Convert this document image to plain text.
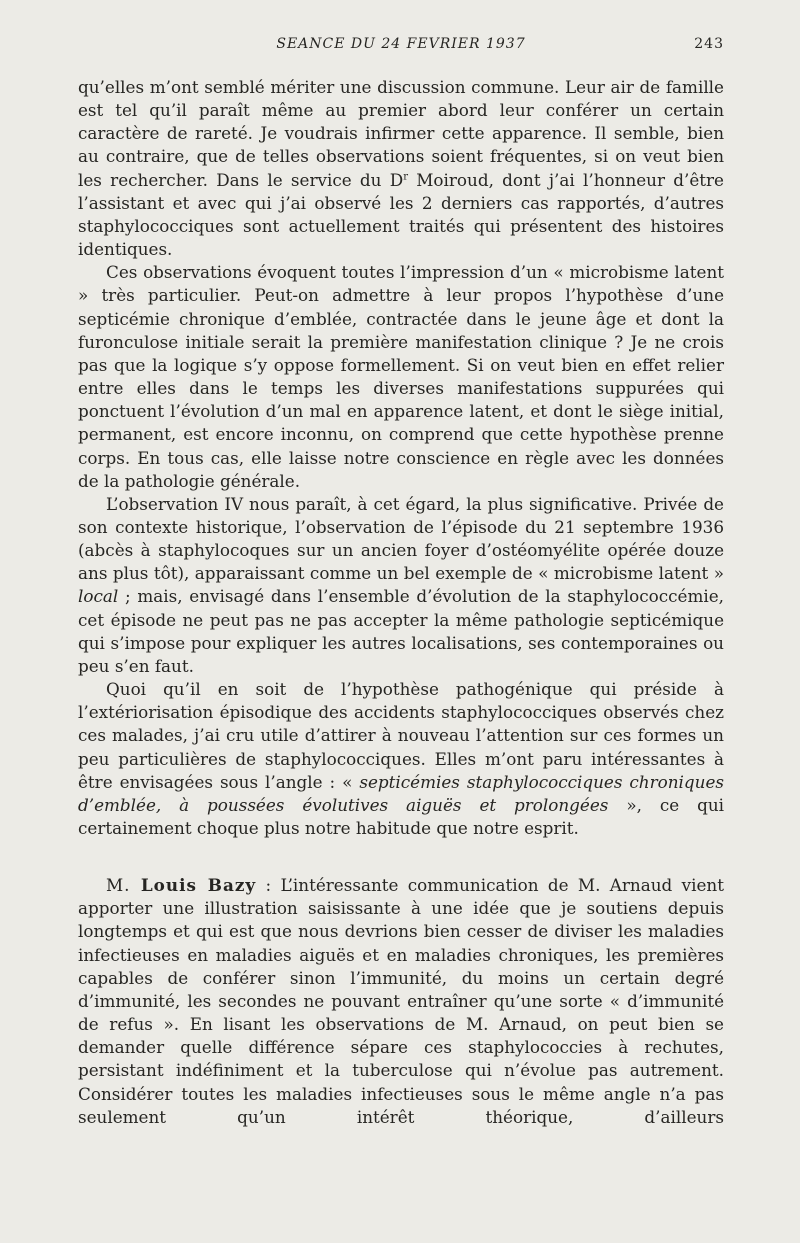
SEANCE DU 24 FEVRIER 1937	243

qu’elles m’ont semblé mériter une discussion commune. Leur air de famille est tel qu’il paraît même au premier abord leur conférer un certain caractère de rareté. Je voudrais infirmer cette apparence. Il semble, bien au contraire, que de telles observations soient fréquentes, si on veut bien les rechercher. Dans le service du $D^r$ Moiroud, dont j’ai l’honneur d’être l’assistant et avec qui j’ai observé les 2 derniers cas rapportés, d’autres staphylococciques sont actuellement traités qui présentent des histoires identiques.

Ces observations évoquent toutes l’impression d’un « microbisme latent » très particulier. Peut-on admettre à leur propos l’hypothèse d’une septicémie chronique d’emblée, contractée dans le jeune âge et dont la furonculose initiale serait la première manifestation clinique ? Je ne crois pas que la logique s’y oppose formellement. Si on veut bien en effet relier entre elles dans le temps les diverses manifestations suppurées qui ponctuent l’évolution d’un mal en apparence latent, et dont le siège initial, permanent, est encore inconnu, on comprend que cette hypothèse prenne corps. En tous cas, elle laisse notre conscience en règle avec les données de la pathologie générale.

L’observation IV nous paraît, à cet égard, la plus significative. Privée de son contexte historique, l’observation de l’épisode du 21 septembre 1936 (abcès à staphylocoques sur un ancien foyer d’ostéomyélite opérée douze ans plus tôt), apparaissant comme un bel exemple de « microbisme latent » local ; mais, envisagé dans l’ensemble d’évolution de la staphylococcémie, cet épisode ne peut pas ne pas accepter la même pathologie septicémique qui s’impose pour expliquer les autres localisations, ses contemporaines ou peu s’en faut.

Quoi qu’il en soit de l’hypothèse pathogénique qui préside à l’extériorisation épisodique des accidents staphylococciques observés chez ces malades, j’ai cru utile d’attirer à nouveau l’attention sur ces formes un peu particulières de staphylococciques. Elles m’ont paru intéressantes à être envisagées sous l’angle : « septicémies staphylococciques chroniques d’emblée, à poussées évolutives aiguës et prolongées », ce qui certainement choque plus notre habitude que notre esprit.

M. Louis Bazy : L’intéressante communication de M. Arnaud vient apporter une illustration saisissante à une idée que je soutiens depuis longtemps et qui est que nous devrions bien cesser de diviser les maladies infectieuses en maladies aiguës et en maladies chroniques, les premières capables de conférer sinon l’immunité, du moins un certain degré d’immunité, les secondes ne pouvant entraîner qu’une sorte « d’immunité de refus ». En lisant les observations de M. Arnaud, on peut bien se demander quelle différence sépare ces staphylococcies à rechutes, persistant indéfiniment et la tuberculose qui n’évolue pas autrement. Considérer toutes les maladies infectieuses sous le même angle n’a pas seulement qu’un intérêt théorique, d’ailleurs
